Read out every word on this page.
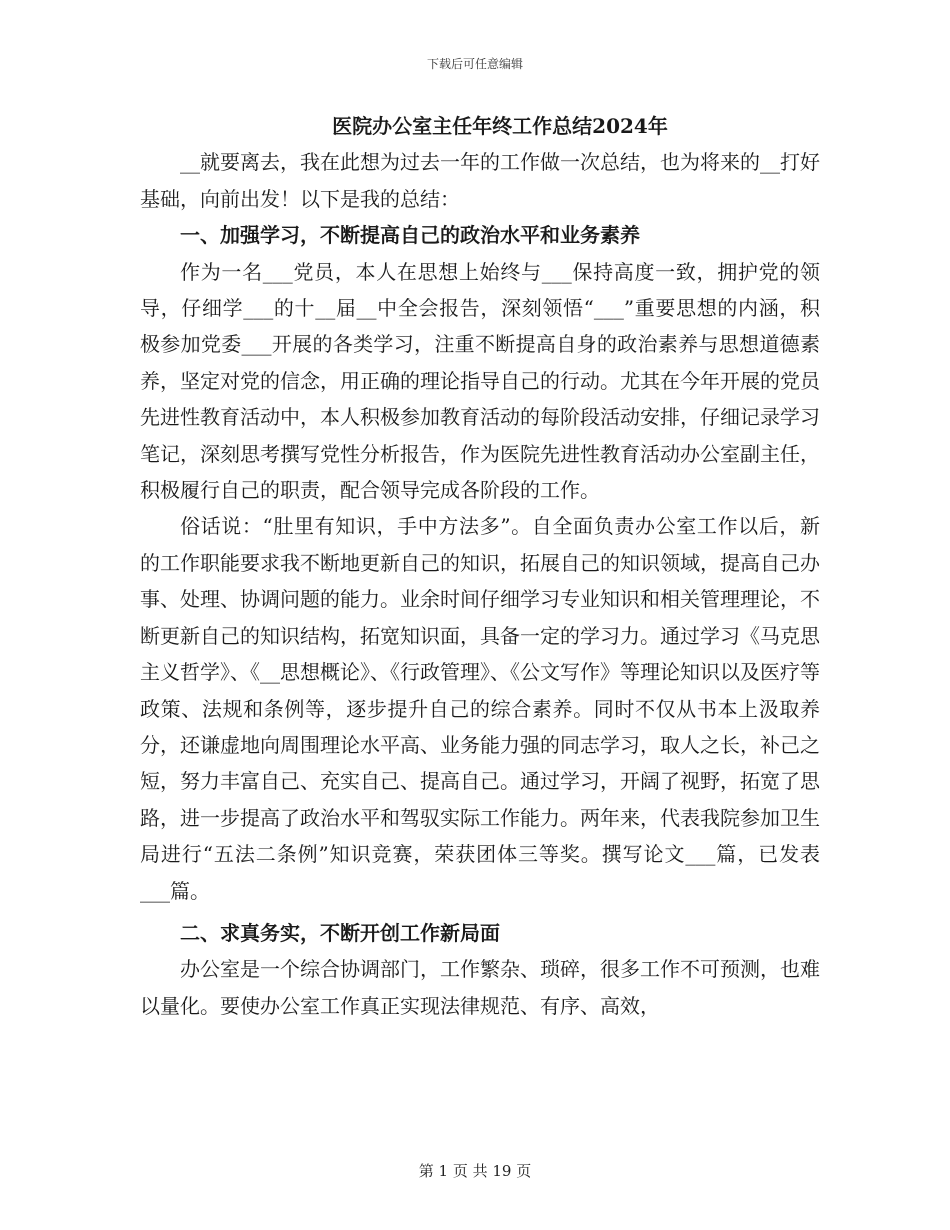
下载后可任意编辑

医院办公室主任年终工作总结2024年

__就要离去，我在此想为过去一年的工作做一次总结，也为将来的__打好基础，向前出发！以下是我的总结：

一、加强学习，不断提高自己的政治水平和业务素养

作为一名___党员，本人在思想上始终与___保持高度一致，拥护党的领导，仔细学___的十__届__中全会报告，深刻领悟“___”重要思想的内涵，积极参加党委___开展的各类学习，注重不断提高自身的政治素养与思想道德素养，坚定对党的信念，用正确的理论指导自己的行动。尤其在今年开展的党员先进性教育活动中，本人积极参加教育活动的每阶段活动安排，仔细记录学习笔记，深刻思考撰写党性分析报告，作为医院先进性教育活动办公室副主任，积极履行自己的职责，配合领导完成各阶段的工作。

俗话说：“肚里有知识，手中方法多”。自全面负责办公室工作以后，新的工作职能要求我不断地更新自己的知识，拓展自己的知识领域，提高自己办事、处理、协调问题的能力。业余时间仔细学习专业知识和相关管理理论，不断更新自己的知识结构，拓宽知识面，具备一定的学习力。通过学习《马克思主义哲学》、《__思想概论》、《行政管理》、《公文写作》等理论知识以及医疗等政策、法规和条例等，逐步提升自己的综合素养。同时不仅从书本上汲取养分，还谦虚地向周围理论水平高、业务能力强的同志学习，取人之长，补己之短，努力丰富自己、充实自己、提高自己。通过学习，开阔了视野，拓宽了思路，进一步提高了政治水平和驾驭实际工作能力。两年来，代表我院参加卫生局进行“五法二条例”知识竞赛，荣获团体三等奖。撰写论文___篇，已发表___篇。

二、求真务实，不断开创工作新局面

办公室是一个综合协调部门，工作繁杂、琐碎，很多工作不可预测，也难以量化。要使办公室工作真正实现法律规范、有序、高效，

第 1 页 共 19 页
